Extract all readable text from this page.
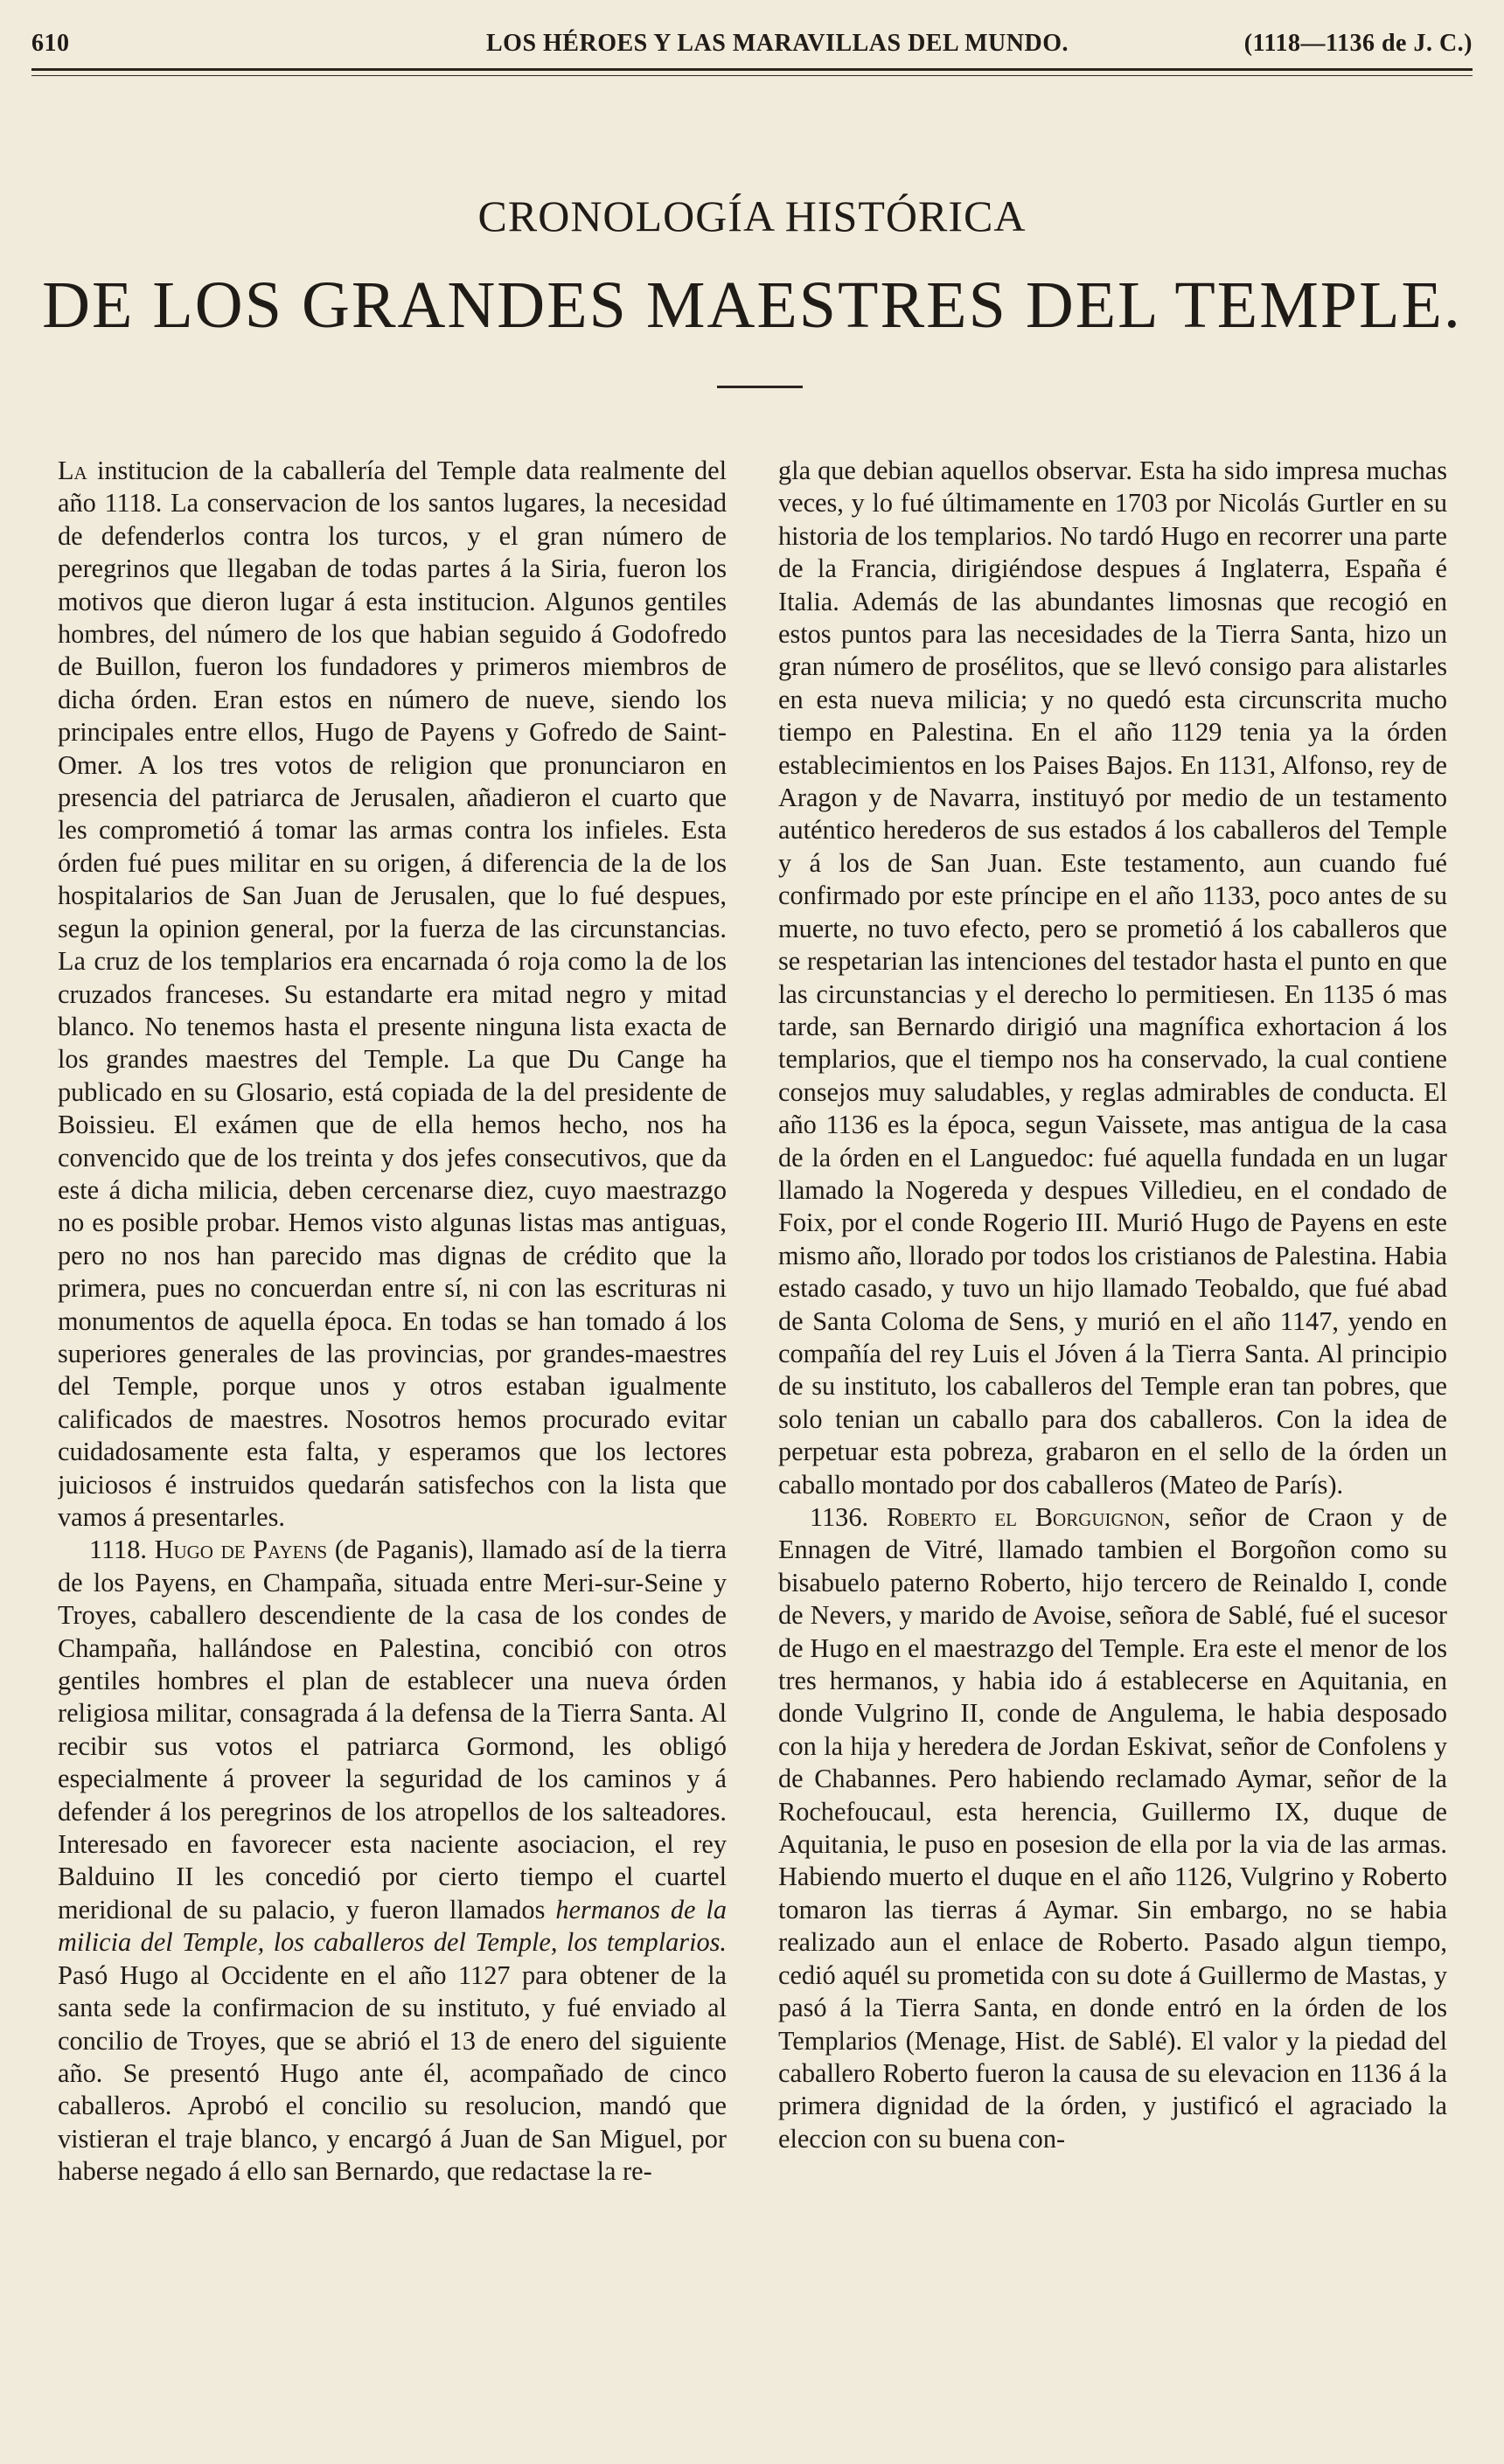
610	LOS HÉROES Y LAS MARAVILLAS DEL MUNDO.	(1118—1136 de J. C.)
CRONOLOGÍA HISTÓRICA
DE LOS GRANDES MAESTRES DEL TEMPLE.

La institucion de la caballería del Temple data realmente del año 1118. La conservacion de los santos lugares, la necesidad de defenderlos contra los turcos, y el gran número de peregrinos que llegaban de todas partes á la Siria, fueron los motivos que dieron lugar á esta institucion. Algunos gentiles hombres, del número de los que habian seguido á Godofredo de Buillon, fueron los fundadores y primeros miembros de dicha órden. Eran estos en número de nueve, siendo los principales entre ellos, Hugo de Payens y Gofredo de Saint-Omer. A los tres votos de religion que pronunciaron en presencia del patriarca de Jerusalen, añadieron el cuarto que les comprometió á tomar las armas contra los infieles. Esta órden fué pues militar en su origen, á diferencia de la de los hospitalarios de San Juan de Jerusalen, que lo fué despues, segun la opinion general, por la fuerza de las circunstancias. La cruz de los templarios era encarnada ó roja como la de los cruzados franceses. Su estandarte era mitad negro y mitad blanco. No tenemos hasta el presente ninguna lista exacta de los grandes maestres del Temple. La que Du Cange ha publicado en su Glosario, está copiada de la del presidente de Boissieu. El exámen que de ella hemos hecho, nos ha convencido que de los treinta y dos jefes consecutivos, que da este á dicha milicia, deben cercenarse diez, cuyo maestrazgo no es posible probar. Hemos visto algunas listas mas antiguas, pero no nos han parecido mas dignas de crédito que la primera, pues no concuerdan entre sí, ni con las escrituras ni monumentos de aquella época. En todas se han tomado á los superiores generales de las provincias, por grandes-maestres del Temple, porque unos y otros estaban igualmente calificados de maestres. Nosotros hemos procurado evitar cuidadosamente esta falta, y esperamos que los lectores juiciosos é instruidos quedarán satisfechos con la lista que vamos á presentarles.

1118. Hugo de Payens (de Paganis), llamado así de la tierra de los Payens, en Champaña, situada entre Meri-sur-Seine y Troyes, caballero descendiente de la casa de los condes de Champaña, hallándose en Palestina, concibió con otros gentiles hombres el plan de establecer una nueva órden religiosa militar, consagrada á la defensa de la Tierra Santa. Al recibir sus votos el patriarca Gormond, les obligó especialmente á proveer la seguridad de los caminos y á defender á los peregrinos de los atropellos de los salteadores. Interesado en favorecer esta naciente asociacion, el rey Balduino II les concedió por cierto tiempo el cuartel meridional de su palacio, y fueron llamados hermanos de la milicia del Temple, los caballeros del Temple, los templarios. Pasó Hugo al Occidente en el año 1127 para obtener de la santa sede la confirmacion de su instituto, y fué enviado al concilio de Troyes, que se abrió el 13 de enero del siguiente año. Se presentó Hugo ante él, acompañado de cinco caballeros. Aprobó el concilio su resolucion, mandó que vistieran el traje blanco, y encargó á Juan de San Miguel, por haberse negado á ello san Bernardo, que redactase la re-

gla que debian aquellos observar. Esta ha sido impresa muchas veces, y lo fué últimamente en 1703 por Nicolás Gurtler en su historia de los templarios. No tardó Hugo en recorrer una parte de la Francia, dirigiéndose despues á Inglaterra, España é Italia. Además de las abundantes limosnas que recogió en estos puntos para las necesidades de la Tierra Santa, hizo un gran número de prosélitos, que se llevó consigo para alistarles en esta nueva milicia; y no quedó esta circunscrita mucho tiempo en Palestina. En el año 1129 tenia ya la órden establecimientos en los Paises Bajos. En 1131, Alfonso, rey de Aragon y de Navarra, instituyó por medio de un testamento auténtico herederos de sus estados á los caballeros del Temple y á los de San Juan. Este testamento, aun cuando fué confirmado por este príncipe en el año 1133, poco antes de su muerte, no tuvo efecto, pero se prometió á los caballeros que se respetarian las intenciones del testador hasta el punto en que las circunstancias y el derecho lo permitiesen. En 1135 ó mas tarde, san Bernardo dirigió una magnífica exhortacion á los templarios, que el tiempo nos ha conservado, la cual contiene consejos muy saludables, y reglas admirables de conducta. El año 1136 es la época, segun Vaissete, mas antigua de la casa de la órden en el Languedoc: fué aquella fundada en un lugar llamado la Nogereda y despues Villedieu, en el condado de Foix, por el conde Rogerio III. Murió Hugo de Payens en este mismo año, llorado por todos los cristianos de Palestina. Habia estado casado, y tuvo un hijo llamado Teobaldo, que fué abad de Santa Coloma de Sens, y murió en el año 1147, yendo en compañía del rey Luis el Jóven á la Tierra Santa. Al principio de su instituto, los caballeros del Temple eran tan pobres, que solo tenian un caballo para dos caballeros. Con la idea de perpetuar esta pobreza, grabaron en el sello de la órden un caballo montado por dos caballeros (Mateo de París).

1136. Roberto el Borguignon, señor de Craon y de Ennagen de Vitré, llamado tambien el Borgoñon como su bisabuelo paterno Roberto, hijo tercero de Reinaldo I, conde de Nevers, y marido de Avoise, señora de Sablé, fué el sucesor de Hugo en el maestrazgo del Temple. Era este el menor de los tres hermanos, y habia ido á establecerse en Aquitania, en donde Vulgrino II, conde de Angulema, le habia desposado con la hija y heredera de Jordan Eskivat, señor de Confolens y de Chabannes. Pero habiendo reclamado Aymar, señor de la Rochefoucaul, esta herencia, Guillermo IX, duque de Aquitania, le puso en posesion de ella por la via de las armas. Habiendo muerto el duque en el año 1126, Vulgrino y Roberto tomaron las tierras á Aymar. Sin embargo, no se habia realizado aun el enlace de Roberto. Pasado algun tiempo, cedió aquél su prometida con su dote á Guillermo de Mastas, y pasó á la Tierra Santa, en donde entró en la órden de los Templarios (Menage, Hist. de Sablé). El valor y la piedad del caballero Roberto fueron la causa de su elevacion en 1136 á la primera dignidad de la órden, y justificó el agraciado la eleccion con su buena con-
